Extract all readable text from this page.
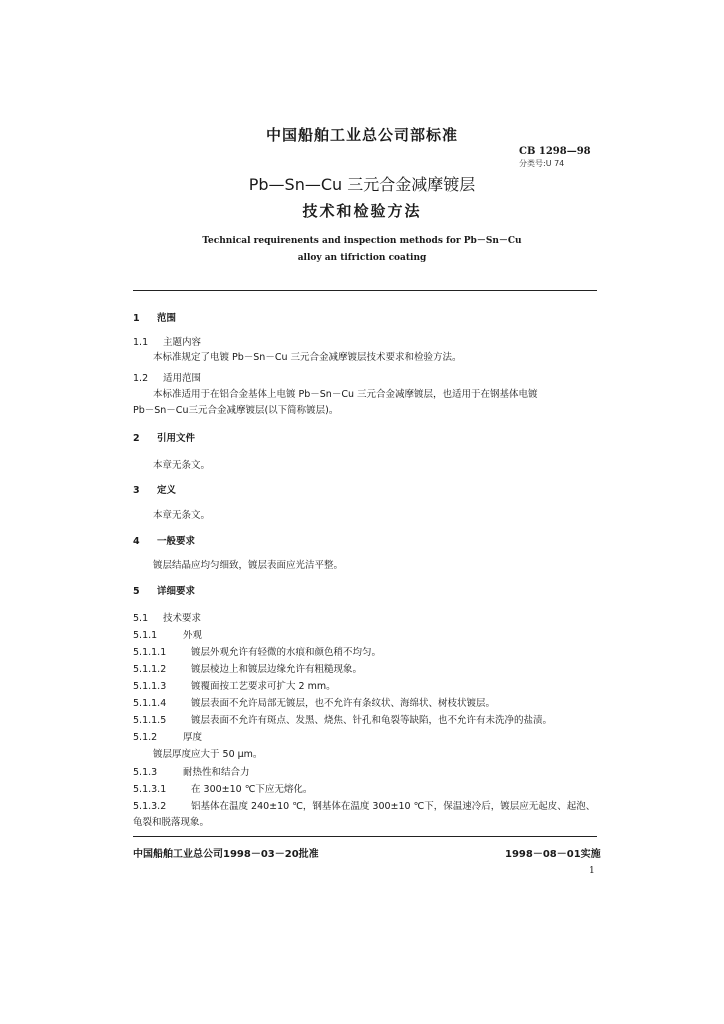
中国船舶工业总公司部标准
CB 1298—98
分类号:U 74
Pb—Sn—Cu 三元合金减摩镀层
技术和检验方法
Technical requirenents and inspection methods for Pb－Sn－Cu
alloy an tifriction coating
1 范围
1.1 主题内容
本标准规定了电镀 Pb－Sn－Cu 三元合金减摩镀层技术要求和检验方法。
1.2 适用范围
本标准适用于在铝合金基体上电镀 Pb－Sn－Cu 三元合金减摩镀层，也适用于在钢基体电镀
Pb－Sn－Cu三元合金减摩镀层(以下简称镀层)。
2 引用文件
本章无条文。
3 定义
本章无条文。
4 一般要求
镀层结晶应均匀细致，镀层表面应光洁平整。
5 详细要求
5.1 技术要求
5.1.1	外观
5.1.1.1	镀层外观允许有轻微的水痕和颜色稍不均匀。
5.1.1.2	镀层棱边上和镀层边缘允许有粗糙现象。
5.1.1.3	镀覆面按工艺要求可扩大 2 mm。
5.1.1.4	镀层表面不允许局部无镀层，也不允许有条纹状、海绵状、树枝状镀层。
5.1.1.5	镀层表面不允许有斑点、发黑、烧焦、针孔和龟裂等缺陷，也不允许有未洗净的盐渍。
5.1.2	厚度
镀层厚度应大于 50 μm。
5.1.3	耐热性和结合力
5.1.3.1	在 300±10 ℃下应无熔化。
5.1.3.2	铝基体在温度 240±10 ℃，钢基体在温度 300±10 ℃下，保温速冷后，镀层应无起皮、起泡、
龟裂和脱落现象。
中国船舶工业总公司1998－03－20批准	1998－08－01实施
1
